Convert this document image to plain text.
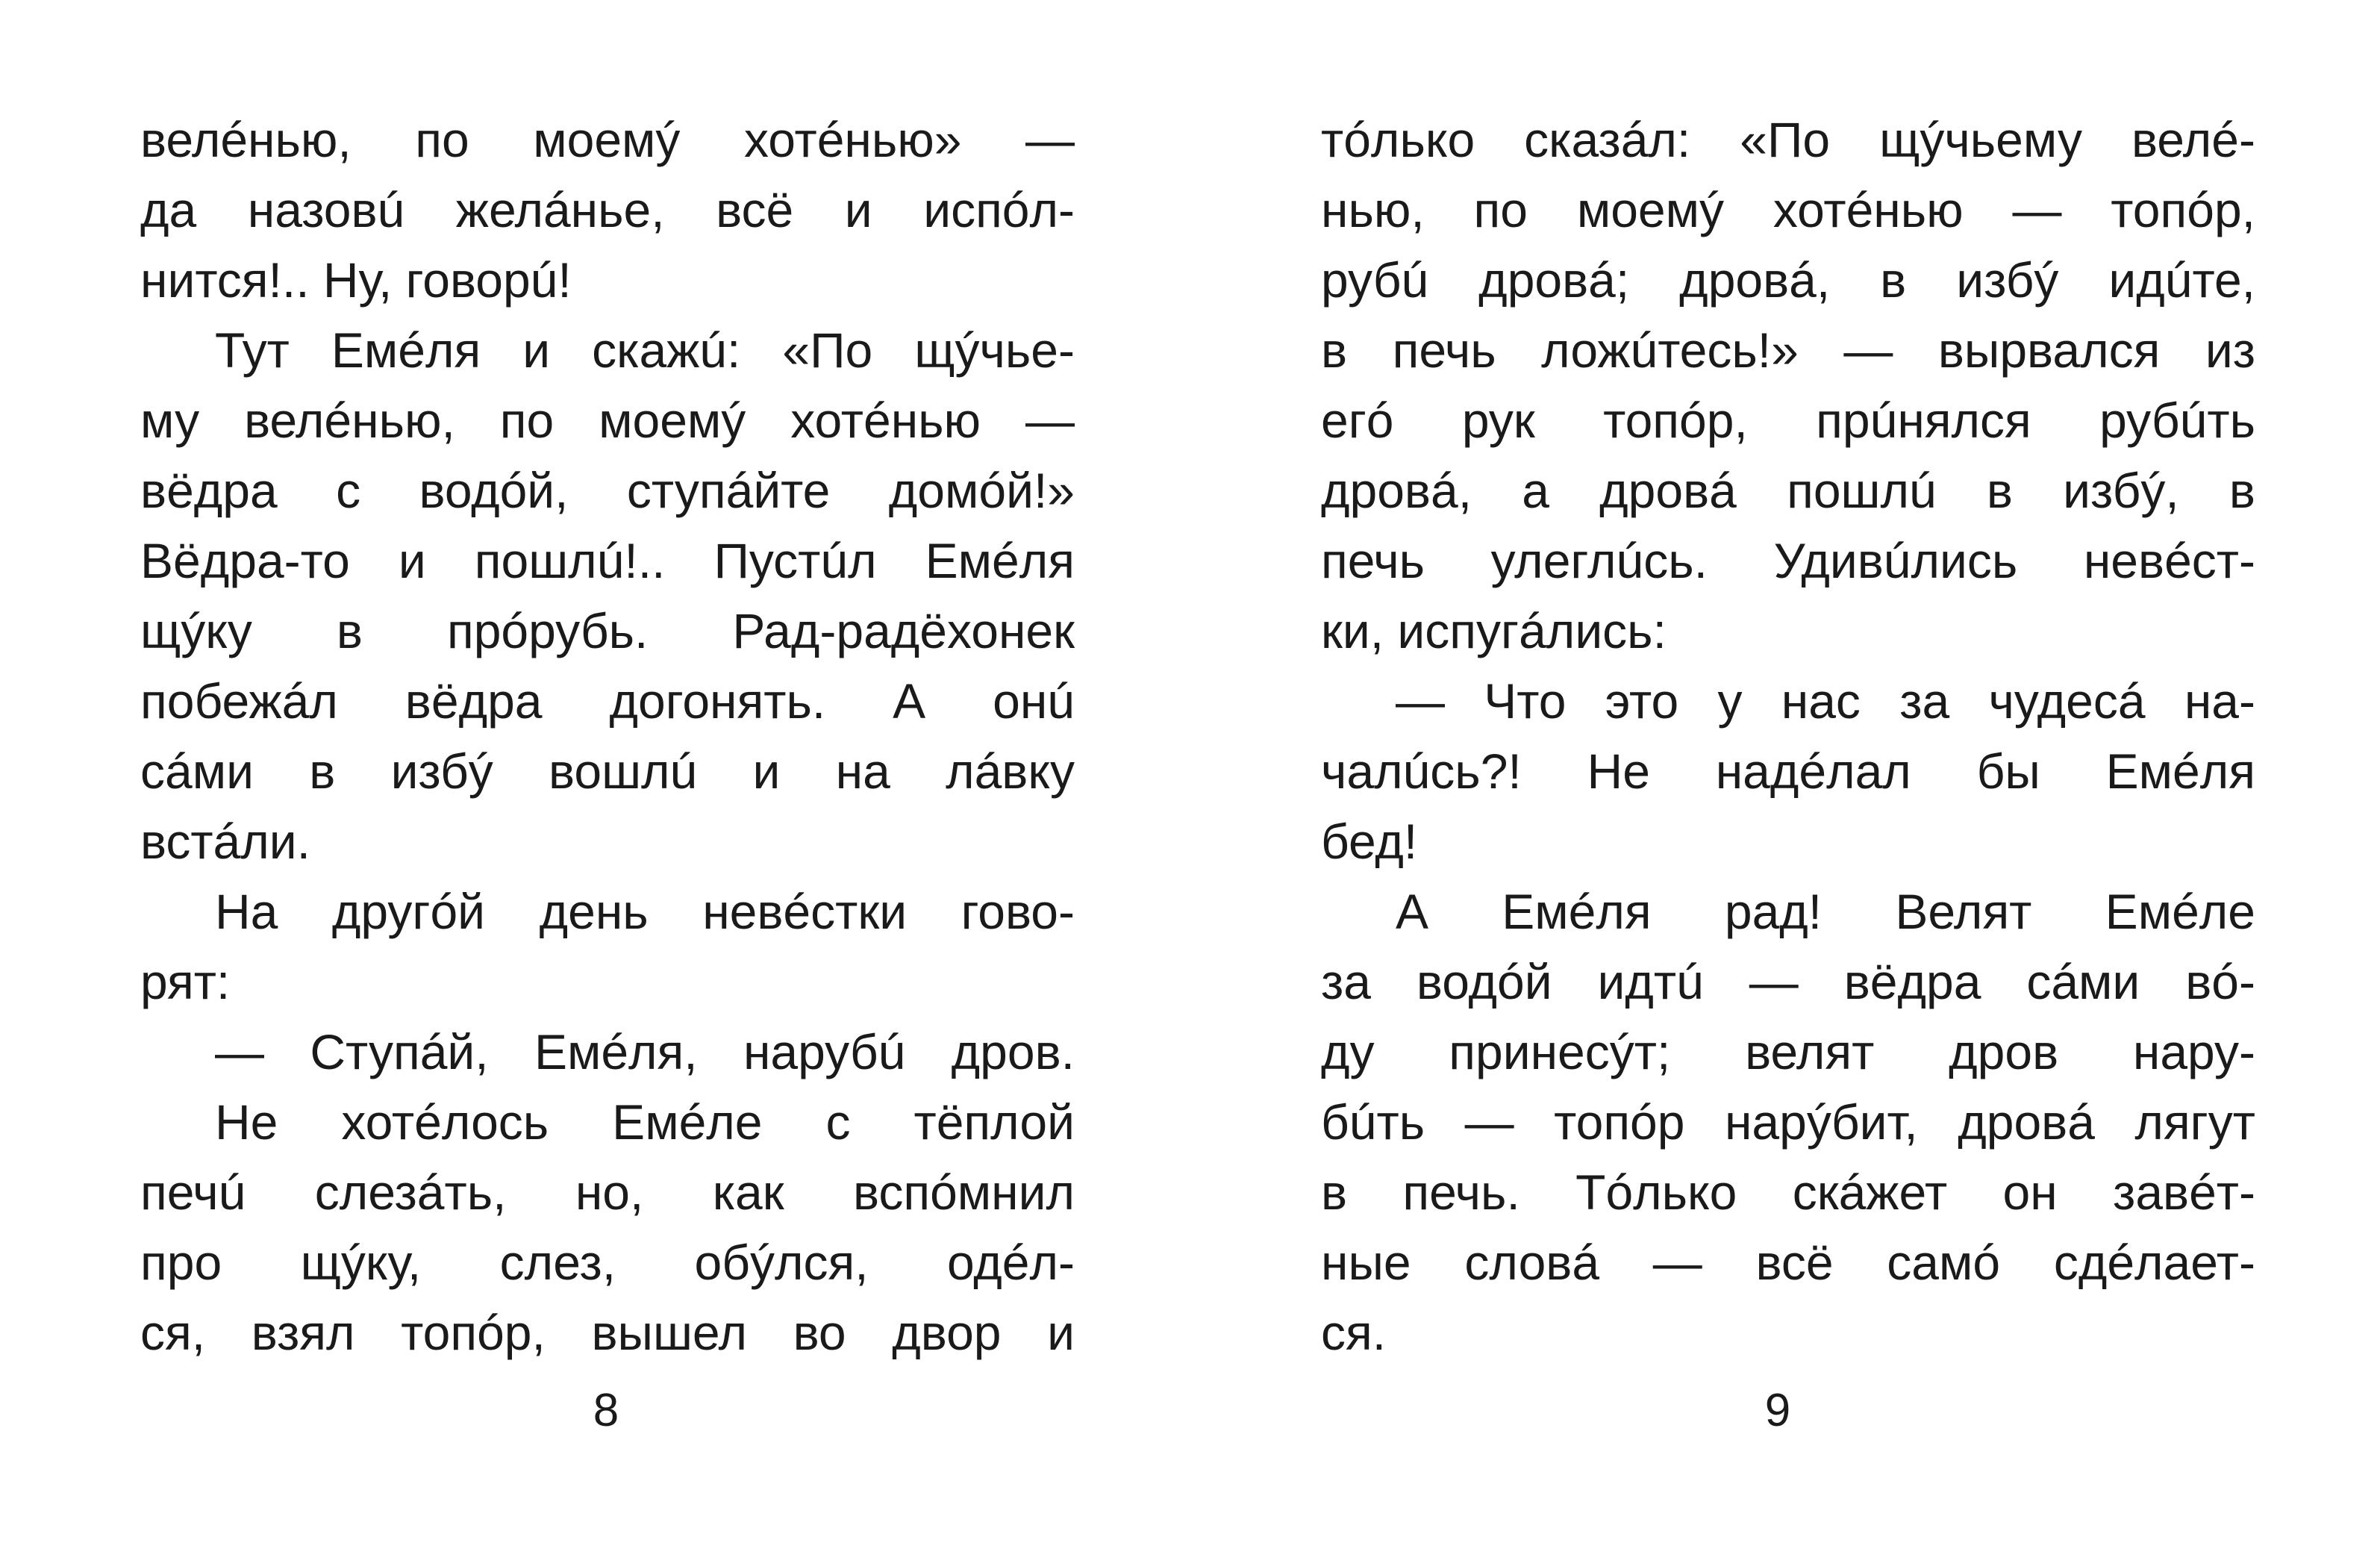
велéнью, по моемý хотéнью» —
да назовú желáнье, всё и испóл-
нится!.. Ну, говорú!
Тут Емéля и скажú: «По щýчье-
му велéнью, по моемý хотéнью —
вёдра с водóй, ступáйте домóй!»
Вёдра-то и пошлú!.. Пустúл Емéля
щýку в прóрубь. Рад-радёхонек
побежáл вёдра догонять. А онú
сáми в избý вошлú и на лáвку
встáли.
На другóй день невéстки гово-
рят:
— Ступáй, Емéля, нарубú дров.
Не хотéлось Емéле с тёплой
печú слезáть, но, как вспóмнил
про щýку, слез, обýлся, одéл-
ся, взял топóр, вышел во двор и
8
тóлько сказáл: «По щýчьему велé-
нью, по моемý хотéнью — топóр,
рубú дровá; дровá, в избý идúте,
в печь ложúтесь!» — вырвался из
егó рук топóр, прúнялся рубúть
дровá, а дровá пошлú в избý, в
печь улеглúсь. Удивúлись невéст-
ки, испугáлись:
— Что это у нас за чудесá на-
чалúсь?! Не надéлал бы Емéля
бед!
А Емéля рад! Велят Емéле
за водóй идтú — вёдра сáми вó-
ду принесýт; велят дров нару-
бúть — топóр нарýбит, дровá лягут
в печь. Тóлько скáжет он завéт-
ные словá — всё самó сдéлает-
ся.
9
